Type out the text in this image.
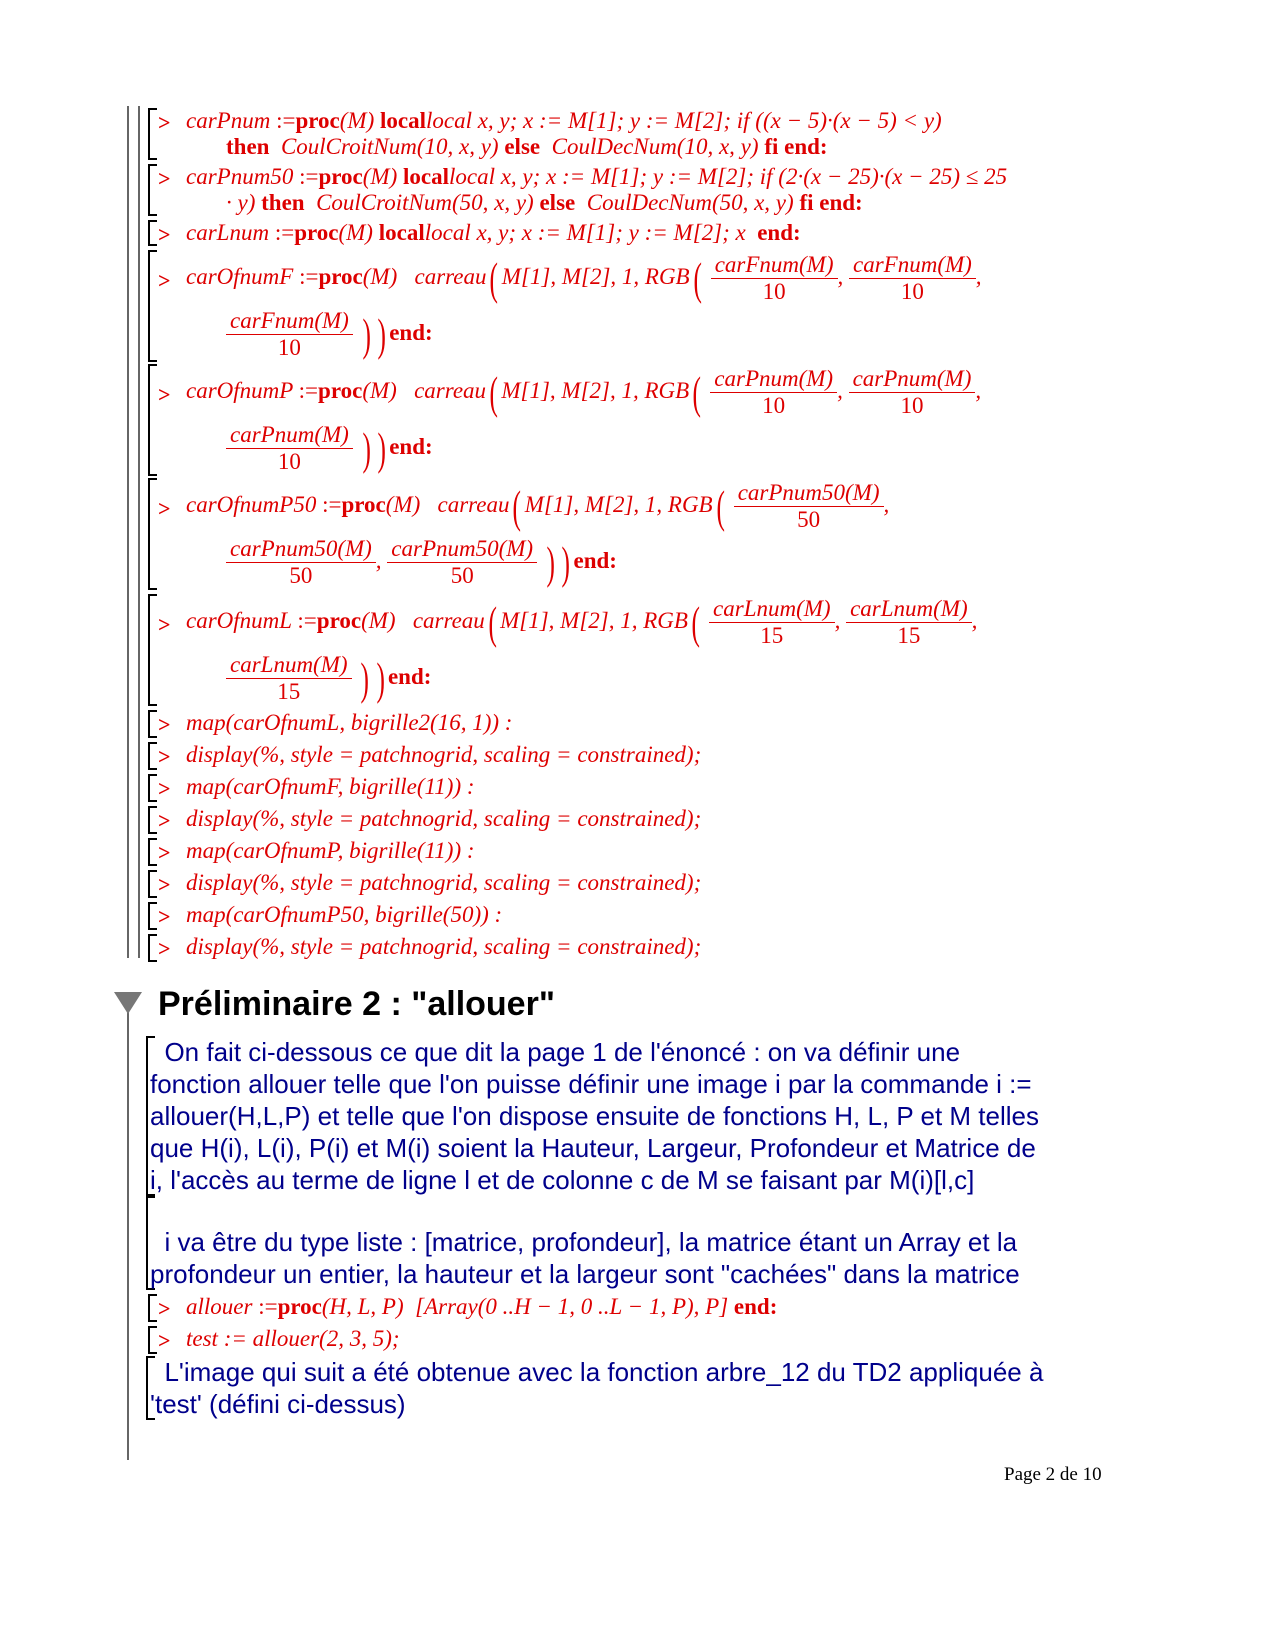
> carPnum :=proc(M) locallocal x, y; x := M[1]; y := M[2]; if ((x − 5)·(x − 5) < y)
then CoulCroitNum(10, x, y) else CoulDecNum(10, x, y) fi end:
> carPnum50 :=proc(M) locallocal x, y; x := M[1]; y := M[2]; if (2·(x − 25)·(x − 25) ≤ 25
· y) then CoulCroitNum(50, x, y) else CoulDecNum(50, x, y) fi end:
> carLnum :=proc(M) locallocal x, y; x := M[1]; y := M[2]; x end:
> carOfnumF :=proc(M) carreau( M[1], M[2], 1, $RGB( \frac{\text{carFnum(M)}}{10}$ , $\frac{\text{carFnum(M)}}{10}$ ,
$\frac{\text{carFnum(M)}}{10}$ ) ) end:
> carOfnumP :=proc(M) carreau( M[1], M[2], 1, $RGB( \frac{\text{carPnum(M)}}{10}$ , $\frac{\text{carPnum(M)}}{10}$ ,
$\frac{\text{carPnum(M)}}{10}$ ) ) end:
> carOfnumP50 :=proc(M) carreau( M[1], M[2], 1, $RGB( \frac{\text{carPnum50(M)}}{50}$ ,
$\frac{\text{carPnum50(M)}}{50}$ , $\frac{\text{carPnum50(M)}}{50}$ ) ) end:
> carOfnumL :=proc(M) carreau( M[1], M[2], 1, $RGB( \frac{\text{carLnum(M)}}{15}$ , $\frac{\text{carLnum(M)}}{15}$ ,
$\frac{\text{carLnum(M)}}{15}$ ) ) end:
> map(carOfnumL, bigrille2(16, 1)) :
> display(%, style = patchnogrid, scaling = constrained);
> map(carOfnumF, bigrille(11)) :
> display(%, style = patchnogrid, scaling = constrained);
> map(carOfnumP, bigrille(11)) :
> display(%, style = patchnogrid, scaling = constrained);
> map(carOfnumP50, bigrille(50)) :
> display(%, style = patchnogrid, scaling = constrained);
Préliminaire 2 : "allouer"
On fait ci-dessous ce que dit la page 1 de l'énoncé : on va définir une
fonction allouer telle que l'on puisse définir une image i par la commande i :=
allouer(H,L,P) et telle que l'on dispose ensuite de fonctions H, L, P et M telles
que H(i), L(i), P(i) et M(i) soient la Hauteur, Largeur, Profondeur et Matrice de
i, l'accès au terme de ligne l et de colonne c de M se faisant par M(i)[l,c]
i va être du type liste : [matrice, profondeur], la matrice étant un Array et la
profondeur un entier, la hauteur et la largeur sont "cachées" dans la matrice
> allouer :=proc(H, L, P) [Array(0 ..H − 1, 0 ..L − 1, P), P] end:
> test := allouer(2, 3, 5);
L'image qui suit a été obtenue avec la fonction arbre_12 du TD2 appliquée à
'test' (défini ci-dessus)
Page 2 de 10
